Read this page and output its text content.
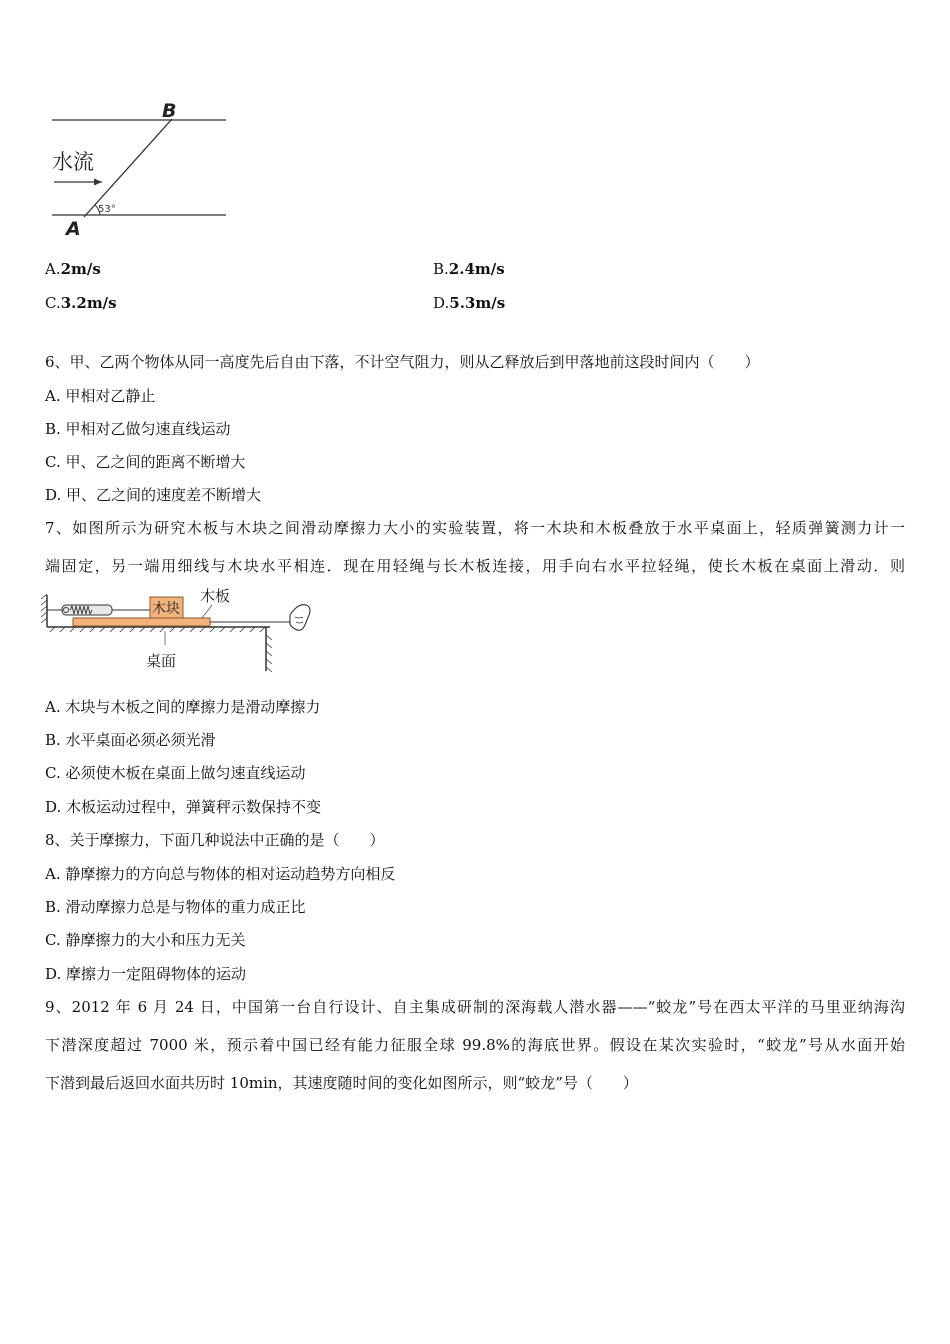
B
A
水流
53°
A.2m/s	B.2.4m/s
C.3.2m/s	D.5.3m/s
6、甲、乙两个物体从同一高度先后自由下落，不计空气阻力，则从乙释放后到甲落地前这段时间内（　　）
A. 甲相对乙静止
B. 甲相对乙做匀速直线运动
C. 甲、乙之间的距离不断增大
D. 甲、乙之间的速度差不断增大
7、如图所示为研究木板与木块之间滑动摩擦力大小的实验装置，将一木块和木板叠放于水平桌面上，轻质弹簧测力计一
端固定，另一端用细线与木块水平相连．现在用轻绳与长木板连接，用手向右水平拉轻绳，使长木板在桌面上滑动．则
木块
木板
桌面
A. 木块与木板之间的摩擦力是滑动摩擦力
B. 水平桌面必须必须光滑
C. 必须使木板在桌面上做匀速直线运动
D. 木板运动过程中，弹簧秤示数保持不变
8、关于摩擦力，下面几种说法中正确的是（　　）
A. 静摩擦力的方向总与物体的相对运动趋势方向相反
B. 滑动摩擦力总是与物体的重力成正比
C. 静摩擦力的大小和压力无关
D. 摩擦力一定阻碍物体的运动
9、2012 年 6 月 24 日，中国第一台自行设计、自主集成研制的深海载人潜水器——“蛟龙”号在西太平洋的马里亚纳海沟
下潜深度超过 7000 米，预示着中国已经有能力征服全球 99.8%的海底世界。假设在某次实验时，“蛟龙”号从水面开始
下潜到最后返回水面共历时 10min，其速度随时间的变化如图所示，则“蛟龙”号（　　）
